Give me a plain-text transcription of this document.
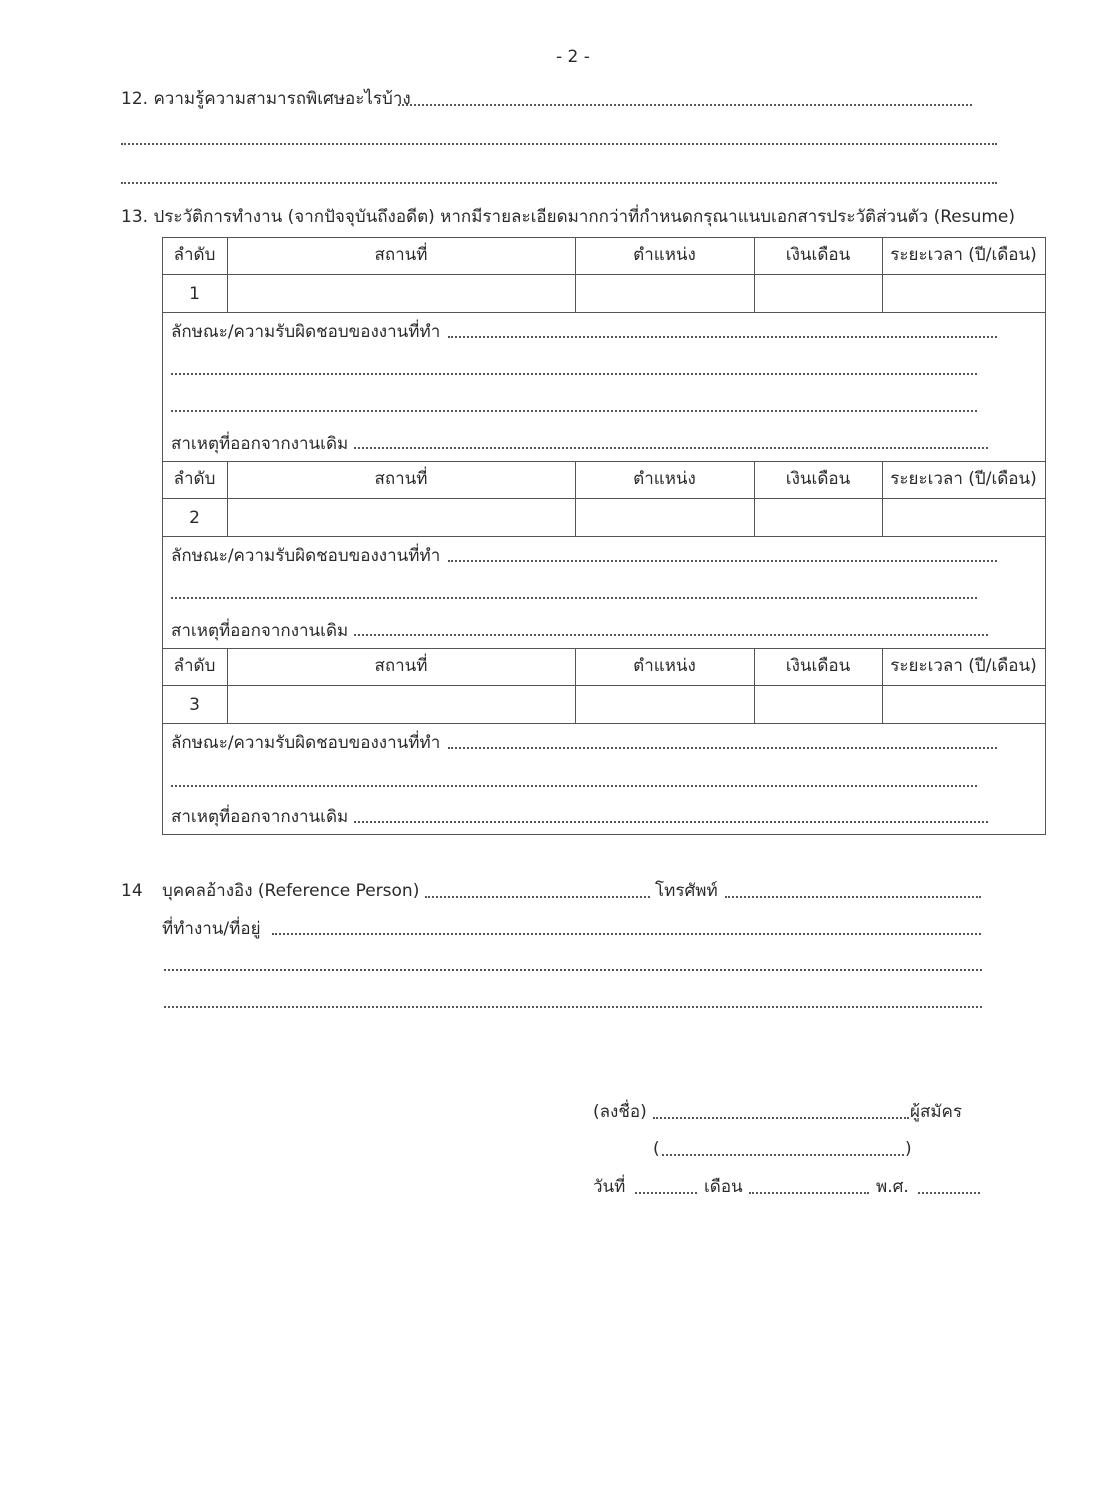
- 2 -
12. ความรู้ความสามารถพิเศษอะไรบ้าง
13. ประวัติการทำงาน (จากปัจจุบันถึงอดีต) หากมีรายละเอียดมากกว่าที่กำหนดกรุณาแนบเอกสารประวัติส่วนตัว (Resume)
ลำดับ	สถานที่	ตำแหน่ง	เงินเดือน	ระยะเวลา (ปี/เดือน)
1
ลักษณะ/ความรับผิดชอบของงานที่ทำ
สาเหตุที่ออกจากงานเดิม
ลำดับ	สถานที่	ตำแหน่ง	เงินเดือน	ระยะเวลา (ปี/เดือน)
2
ลักษณะ/ความรับผิดชอบของงานที่ทำ
สาเหตุที่ออกจากงานเดิม
ลำดับ	สถานที่	ตำแหน่ง	เงินเดือน	ระยะเวลา (ปี/เดือน)
3
ลักษณะ/ความรับผิดชอบของงานที่ทำ
สาเหตุที่ออกจากงานเดิม
14 บุคคลอ้างอิง (Reference Person)	โทรศัพท์
ที่ทำงาน/ที่อยู่
(ลงชื่อ)	ผู้สมัคร
(	)
วันที่	เดือน	พ.ศ.
